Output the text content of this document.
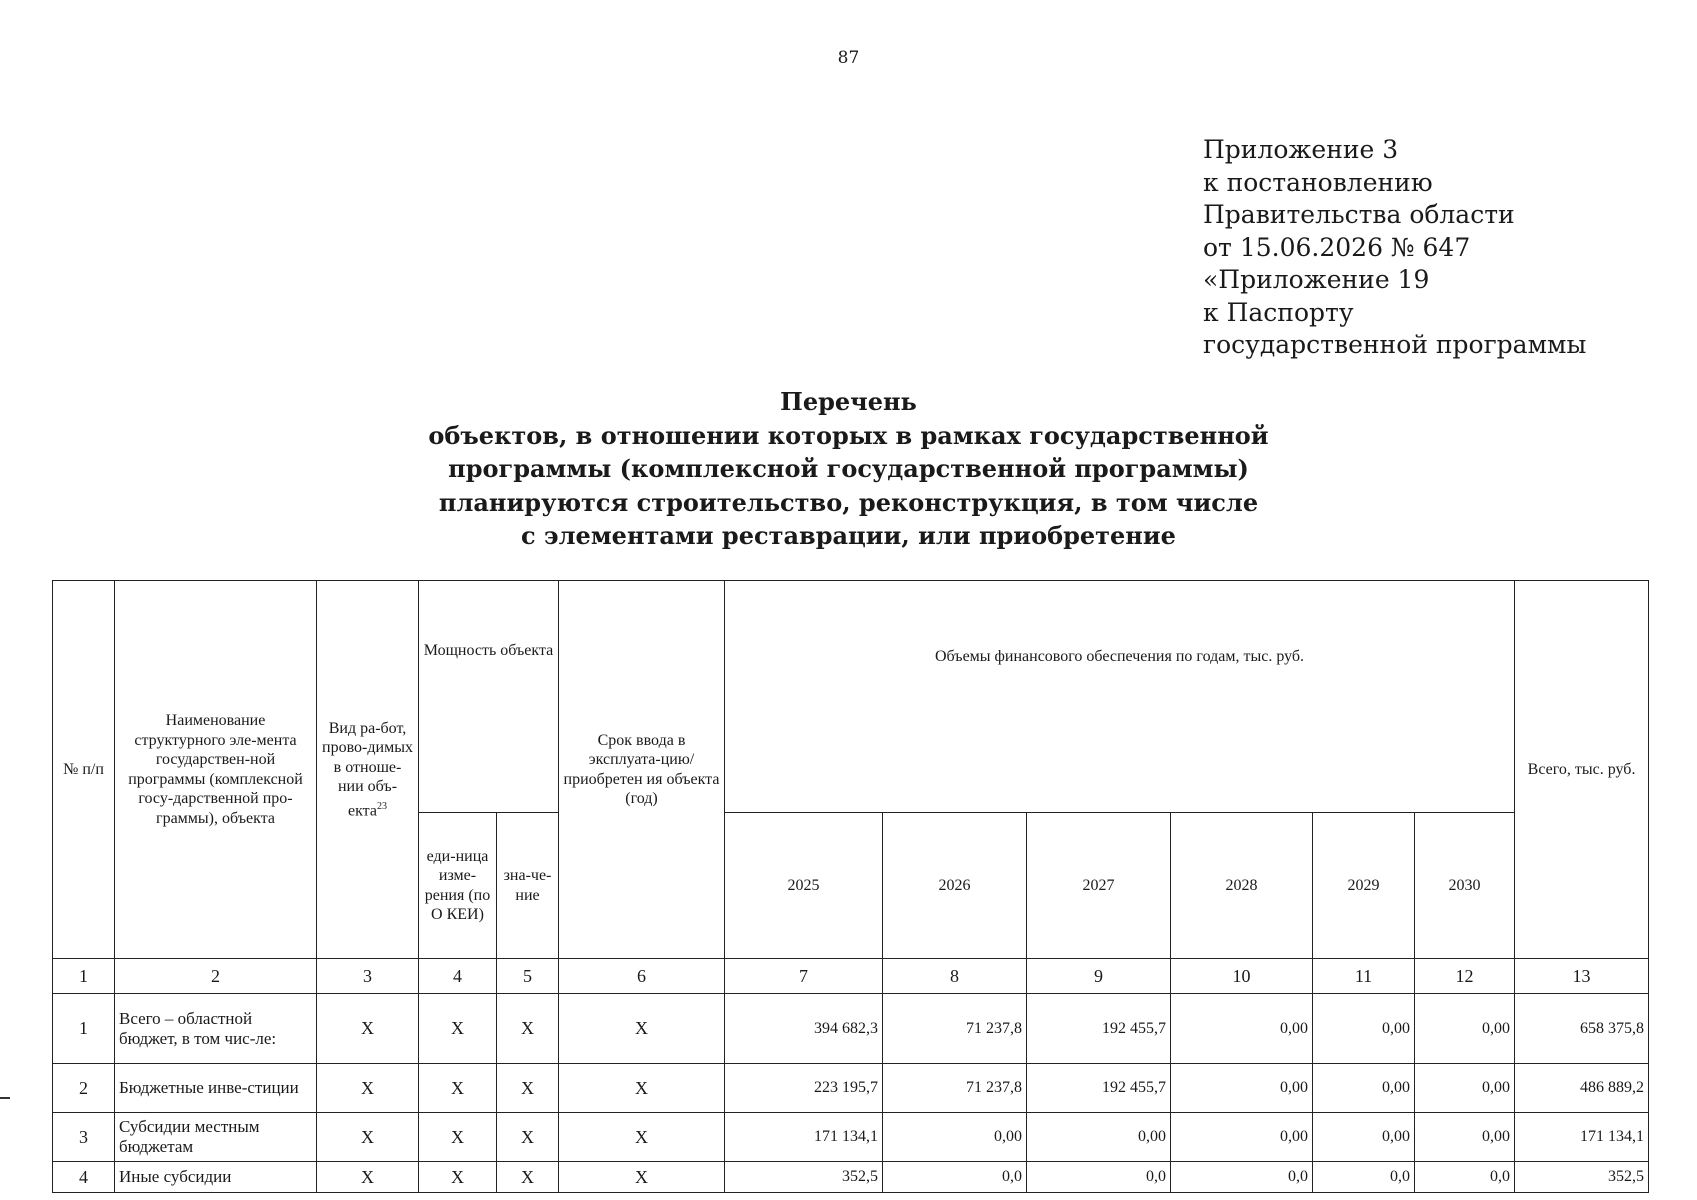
87
Приложение 3
к постановлению
Правительства области
от 15.06.2026 № 647
«Приложение 19
к Паспорту
государственной программы
Перечень
объектов, в отношении которых в рамках государственной
программы (комплексной государственной программы)
планируются строительство, реконструкция, в том числе
с элементами реставрации, или приобретение
№ п/п	Наименование структурного эле-мента государствен-ной программы (комплексной госу-дарственной про-граммы), объекта	Вид ра-бот, прово-димых в отноше-нии объ-екта$^{23}$	Мощность объекта		Срок ввода в эксплуата-цию/приобретен ия объекта (год)	Объемы финансового обеспечения по годам, тыс. руб.						Всего, тыс. руб.
			еди-ница изме-рения (по О КЕИ)	зна-че-ние		2025	2026	2027	2028	2029	2030	
1	2	3	4	5	6	7	8	9	10	11	12	13
1	Всего – областной бюджет, в том чис-ле:	Х	Х	Х	Х	394 682,3	71 237,8	192 455,7	0,00	0,00	0,00	658 375,8
2	Бюджетные инве-стиции	Х	Х	Х	Х	223 195,7	71 237,8	192 455,7	0,00	0,00	0,00	486 889,2
3	Субсидии местным бюджетам	Х	Х	Х	Х	171 134,1	0,00	0,00	0,00	0,00	0,00	171 134,1
4	Иные субсидии	Х	Х	Х	Х	352,5	0,0	0,0	0,0	0,0	0,0	352,5
